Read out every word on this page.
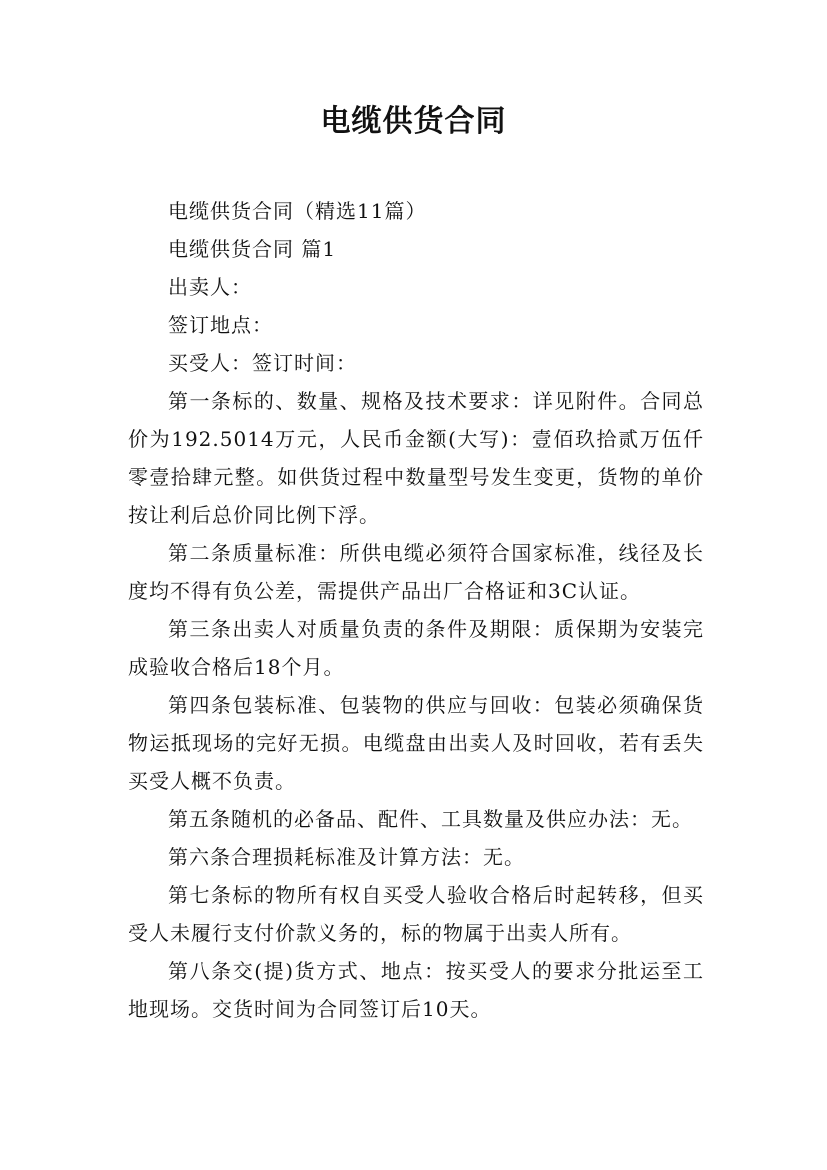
电缆供货合同

电缆供货合同（精选11篇）

电缆供货合同 篇1

出卖人：

签订地点：

买受人：签订时间：

第一条标的、数量、规格及技术要求：详见附件。合同总价为192.5014万元，人民币金额(大写)：壹佰玖拾贰万伍仟零壹拾肆元整。如供货过程中数量型号发生变更，货物的单价按让利后总价同比例下浮。

第二条质量标准：所供电缆必须符合国家标准，线径及长度均不得有负公差，需提供产品出厂合格证和3C认证。

第三条出卖人对质量负责的条件及期限：质保期为安装完成验收合格后18个月。

第四条包装标准、包装物的供应与回收：包装必须确保货物运抵现场的完好无损。电缆盘由出卖人及时回收，若有丢失买受人概不负责。

第五条随机的必备品、配件、工具数量及供应办法：无。

第六条合理损耗标准及计算方法：无。

第七条标的物所有权自买受人验收合格后时起转移，但买受人未履行支付价款义务的，标的物属于出卖人所有。

第八条交(提)货方式、地点：按买受人的要求分批运至工地现场。交货时间为合同签订后10天。
